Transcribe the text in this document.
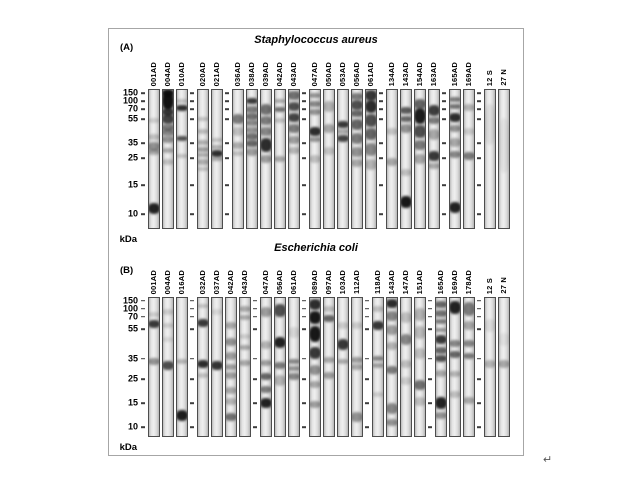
Staphylococcus aureus
(A)
150
100
70
55
35
25
15
10
kDa
001AD 004AD 010AD 020AD 021AD 036AD 038AD 039AD 042AD 043AD 047AD 050AD 053AD 056AD 061AD 134AD 143AD 154AD 163AD 165AD 169AD 12 S 27 N
Escherichia coli
(B)
150
100
70
55
35
25
15
10
kDa
001AD 004AD 016AD 032AD 037AD 042AD 043AD 047AD 056AD 061AD 089AD 097AD 103AD 112AD 118AD 143AD 147AD 151AD 165AD 169AD 178AD 12 S 27 N
↵
